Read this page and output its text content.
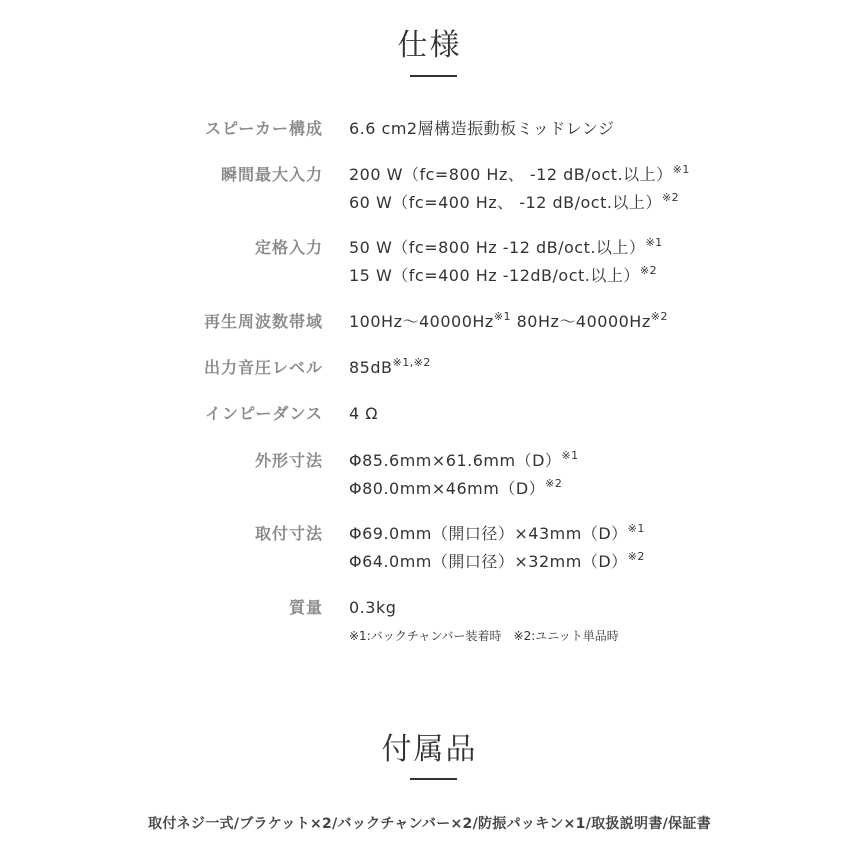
仕様
スピーカー構成 6.6 cm2層構造振動板ミッドレンジ
瞬間最大入力 200 W（fc=800 Hz、 -12 dB/oct.以上）$^{※1}$
60 W（fc=400 Hz、 -12 dB/oct.以上）$^{※2}$
定格入力 50 W（fc=800 Hz -12 dB/oct.以上）$^{※1}$
15 W（fc=400 Hz -12dB/oct.以上）$^{※2}$
再生周波数帯域 100Hz～40000Hz$^{※1}$ 80Hz～40000Hz$^{※2}$
出力音圧レベル $85dB^{※1,※2}$
インピーダンス 4 Ω
外形寸法 $\Phi 85.6mm\times 61.6mm(D)^{※1}$
$\Phi 80.0mm\times 46mm(D)^{※2}$
取付寸法 Φ69.0mm（開口径）$\times 43mm(D)^{※1}$
Φ64.0mm（開口径）$\times 32mm(D)^{※2}$
質量 0.3kg
※1:バックチャンバー装着時　※2:ユニット単品時
付属品
取付ネジ一式/ブラケット×2/バックチャンバー×2/防振パッキン×1/取扱説明書/保証書
